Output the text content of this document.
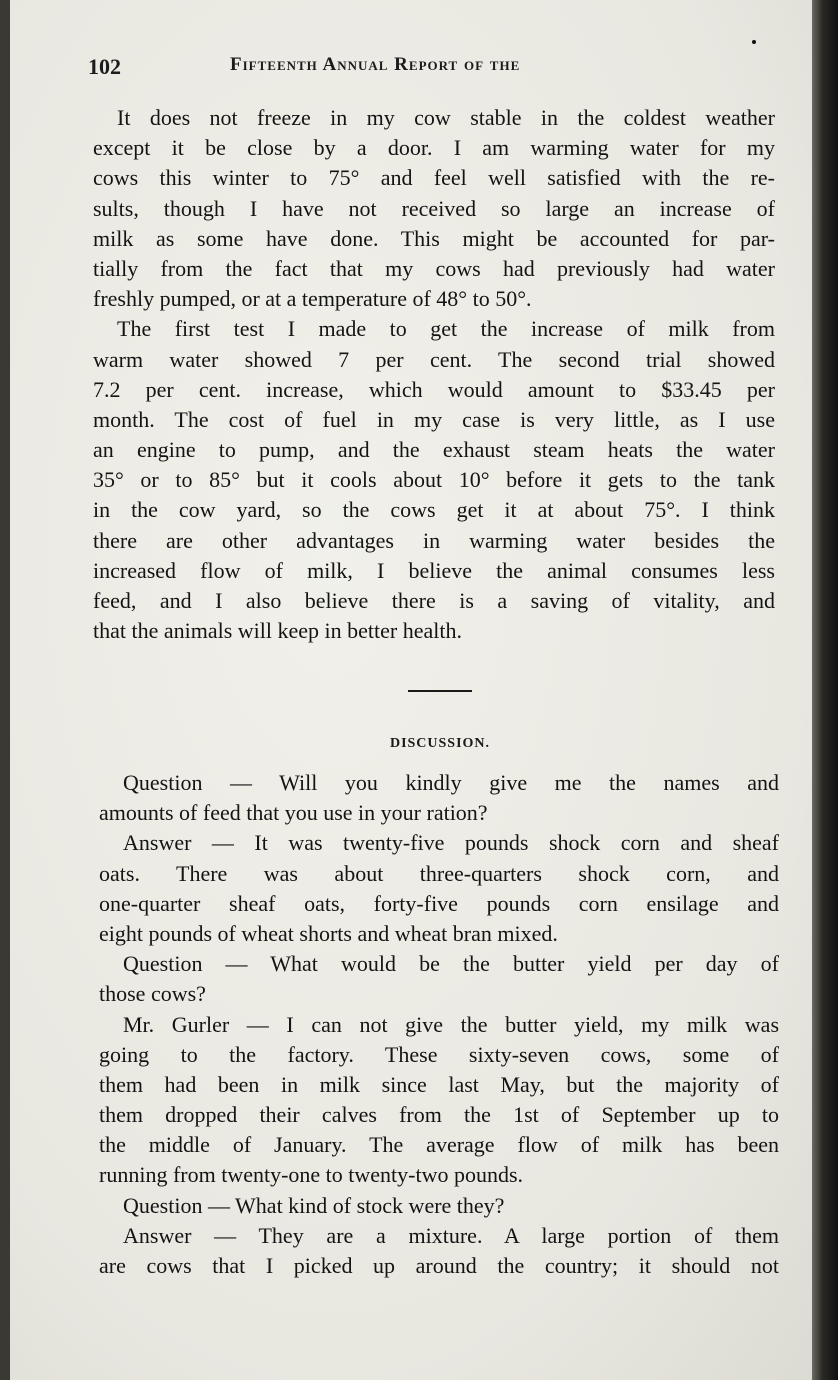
102	Fifteenth Annual Report of the
It does not freeze in my cow stable in the coldest weather
except it be close by a door. I am warming water for my
cows this winter to 75° and feel well satisfied with the re-
sults, though I have not received so large an increase of
milk as some have done. This might be accounted for par-
tially from the fact that my cows had previously had water
freshly pumped, or at a temperature of 48° to 50°.
The first test I made to get the increase of milk from
warm water showed 7 per cent. The second trial showed
7.2 per cent. increase, which would amount to $33.45 per
month. The cost of fuel in my case is very little, as I use
an engine to pump, and the exhaust steam heats the water
35° or to 85° but it cools about 10° before it gets to the tank
in the cow yard, so the cows get it at about 75°. I think
there are other advantages in warming water besides the
increased flow of milk, I believe the animal consumes less
feed, and I also believe there is a saving of vitality, and
that the animals will keep in better health.
DISCUSSION.
Question — Will you kindly give me the names and
amounts of feed that you use in your ration?
Answer — It was twenty-five pounds shock corn and sheaf
oats. There was about three-quarters shock corn, and
one-quarter sheaf oats, forty-five pounds corn ensilage and
eight pounds of wheat shorts and wheat bran mixed.
Question — What would be the butter yield per day of
those cows?
Mr. Gurler — I can not give the butter yield, my milk was
going to the factory. These sixty-seven cows, some of
them had been in milk since last May, but the majority of
them dropped their calves from the 1st of September up to
the middle of January. The average flow of milk has been
running from twenty-one to twenty-two pounds.
Question — What kind of stock were they?
Answer — They are a mixture. A large portion of them
are cows that I picked up around the country; it should not
